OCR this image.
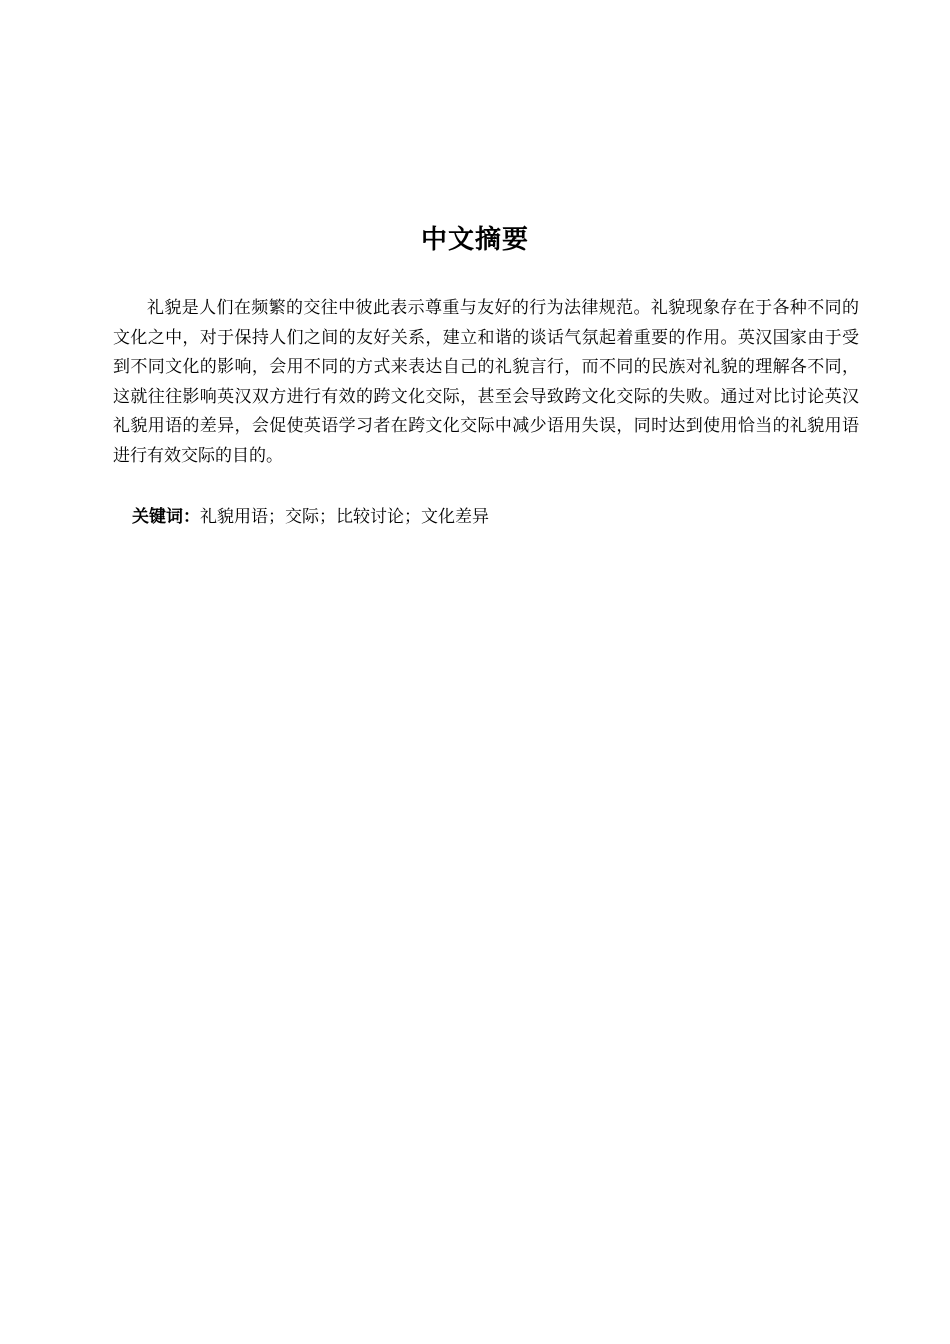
中文摘要

礼貌是人们在频繁的交往中彼此表示尊重与友好的行为法律规范。礼貌现象存在于各种不同的文化之中，对于保持人们之间的友好关系，建立和谐的谈话气氛起着重要的作用。英汉国家由于受到不同文化的影响，会用不同的方式来表达自己的礼貌言行，而不同的民族对礼貌的理解各不同，这就往往影响英汉双方进行有效的跨文化交际，甚至会导致跨文化交际的失败。通过对比讨论英汉礼貌用语的差异，会促使英语学习者在跨文化交际中减少语用失误，同时达到使用恰当的礼貌用语进行有效交际的目的。

关键词：礼貌用语；交际；比较讨论；文化差异
